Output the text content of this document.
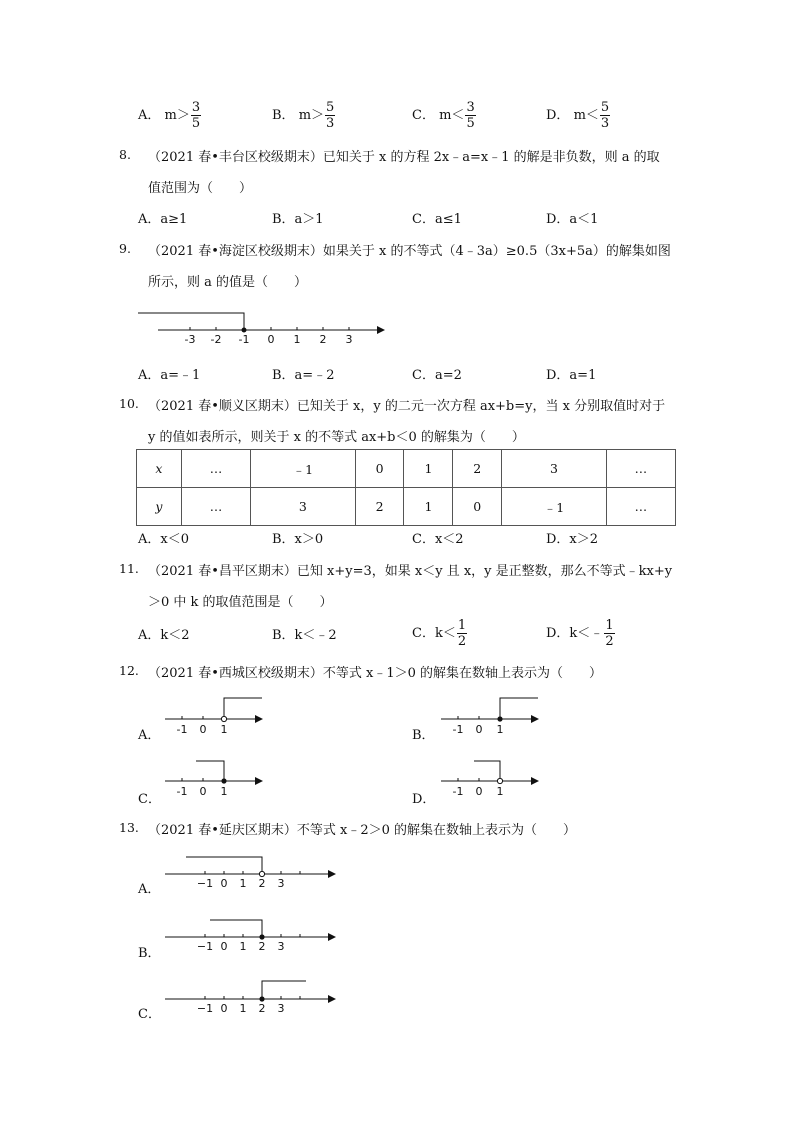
A． $m> \frac{3}{5}$	B． $m> \frac{5}{3}$	C． $m< \frac{3}{5}$	D． $m< \frac{5}{3}$
8. （2021 春•丰台区校级期末）已知关于 x 的方程 2x﹣a=x﹣1 的解是非负数，则 a 的取
值范围为（　　）
A．a≥1	B．a＞1	C．a≤1	D．a＜1
9. （2021 春•海淀区校级期末）如果关于 x 的不等式（4﹣3a）≥0.5（3x+5a）的解集如图
所示，则 a 的值是（　　）
-3 -2 -1 0 1 2 3
A．a=﹣1	B．a=﹣2	C．a=2	D．a=1
10. （2021 春•顺义区期末）已知关于 x，y 的二元一次方程 ax+b=y，当 x 分别取值时对于
y 的值如表所示，则关于 x 的不等式 ax+b＜0 的解集为（　　）
x	…	﹣1	0	1	2	3	…
y	…	3	2	1	0	﹣1	…
A．x＜0	B．x＞0	C．x＜2	D．x＞2
11. （2021 春•昌平区期末）已知 x+y=3，如果 x＜y 且 x，y 是正整数，那么不等式﹣kx+y
＞0 中 k 的取值范围是（　　）
A．k＜2	B．k＜﹣2	C．$k< \frac{1}{2}$	D．k＜﹣ $\frac{1}{2}$
12. （2021 春•西城区校级期末）不等式 x﹣1＞0 的解集在数轴上表示为（　　）
A． -1 0 1	B． -1 0 1
C．
-1 0 1
D．
-1 0 1
13. （2021 春•延庆区期末）不等式 x﹣2＞0 的解集在数轴上表示为（　　）
A．	−1 0 1 2 3
B．	−1 0 1 2 3
C．	−1 0 1 2 3
